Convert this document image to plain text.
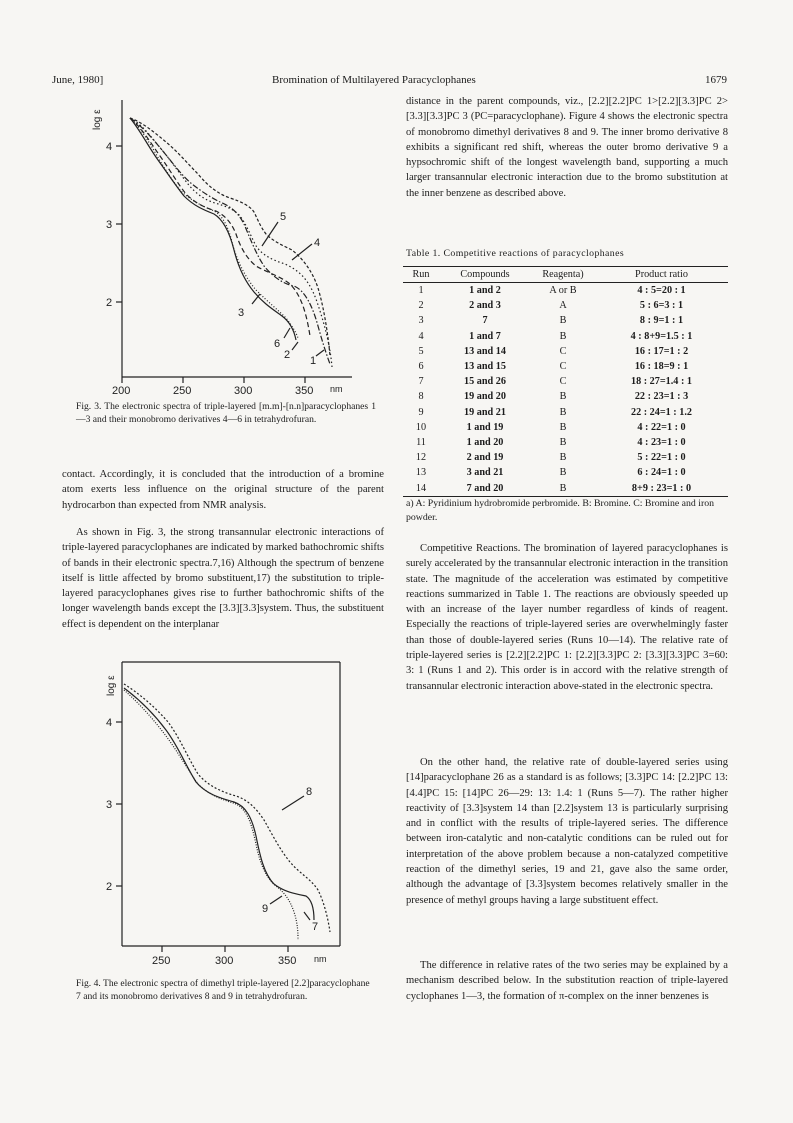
June, 1980]	Bromination of Multilayered Paracyclophanes	1679
4
3
2
200	250	300	350 nm
log ε
5
4
3
6
2 1

Fig. 3. The electronic spectra of triple-layered [m.m]-[n.n]paracyclophanes 1—3 and their monobromo derivatives 4—6 in tetrahydrofuran.

contact. Accordingly, it is concluded that the introduction of a bromine atom exerts less influence on the original structure of the parent hydrocarbon than expected from NMR analysis.

As shown in Fig. 3, the strong transannular electronic interactions of triple-layered paracyclophanes are indicated by marked bathochromic shifts of bands in their electronic spectra.7,16) Although the spectrum of benzene itself is little affected by bromo substituent,17) the substitution to triple-layered paracyclophanes gives rise to further bathochromic shifts of the longer wavelength bands except the [3.3][3.3]system. Thus, the substituent effect is dependent on the interplanar

4
3
2
250	300	350 nm
log ε
8
9
7

Fig. 4. The electronic spectra of dimethyl triple-layered [2.2]paracyclophane 7 and its monobromo derivatives 8 and 9 in tetrahydrofuran.

distance in the parent compounds, viz., [2.2][2.2]PC 1>[2.2][3.3]PC 2>[3.3][3.3]PC 3 (PC=paracyclophane). Figure 4 shows the electronic spectra of monobromo dimethyl derivatives 8 and 9. The inner bromo derivative 8 exhibits a significant red shift, whereas the outer bromo derivative 9 a hypsochromic shift of the longest wavelength band, supporting a much larger transannular electronic interaction due to the bromo substitution at the inner benzene as described above.

Table 1. Competitive reactions of paracyclophanes
Run	Compounds	Reagenta)	Product ratio
1	1 and 2	A or B	4 : 5=20 : 1
2	2 and 3	A	5 : 6=3 : 1
3	7	B	8 : 9=1 : 1
4	1 and 7	B	4 : 8+9=1.5 : 1
5	13 and 14	C	16 : 17=1 : 2
6	13 and 15	C	16 : 18=9 : 1
7	15 and 26	C	18 : 27=1.4 : 1
8	19 and 20	B	22 : 23=1 : 3
9	19 and 21	B	22 : 24=1 : 1.2
10	1 and 19	B	4 : 22=1 : 0
11	1 and 20	B	4 : 23=1 : 0
12	2 and 19	B	5 : 22=1 : 0
13	3 and 21	B	6 : 24=1 : 0
14	7 and 20	B	8+9 : 23=1 : 0

a) A: Pyridinium hydrobromide perbromide. B: Bromine. C: Bromine and iron powder.

Competitive Reactions. The bromination of layered paracyclophanes is surely accelerated by the transannular electronic interaction in the transition state. The magnitude of the acceleration was estimated by competitive reactions summarized in Table 1. The reactions are obviously speeded up with an increase of the layer number regardless of kinds of reagent. Especially the reactions of triple-layered series are overwhelmingly faster than those of double-layered series (Runs 10—14). The relative rate of triple-layered series is [2.2][2.2]PC 1: [2.2][3.3]PC 2: [3.3][3.3]PC 3=60: 3: 1 (Runs 1 and 2). This order is in accord with the relative strength of transannular electronic interaction above-stated in the electronic spectra.

On the other hand, the relative rate of double-layered series using [14]paracyclophane 26 as a standard is as follows; [3.3]PC 14: [2.2]PC 13: [4.4]PC 15: [14]PC 26—29: 13: 1.4: 1 (Runs 5—7). The rather higher reactivity of [3.3]system 14 than [2.2]system 13 is particularly surprising and in conflict with the results of triple-layered series. The difference between iron-catalytic and non-catalytic conditions can be ruled out for interpretation of the above problem because a non-catalyzed competitive reaction of the dimethyl series, 19 and 21, gave also the same order, although the advantage of [3.3]system becomes relatively smaller in the presence of methyl groups having a large substituent effect.

The difference in relative rates of the two series may be explained by a mechanism described below. In the substitution reaction of triple-layered cyclophanes 1—3, the formation of π-complex on the inner benzenes is
